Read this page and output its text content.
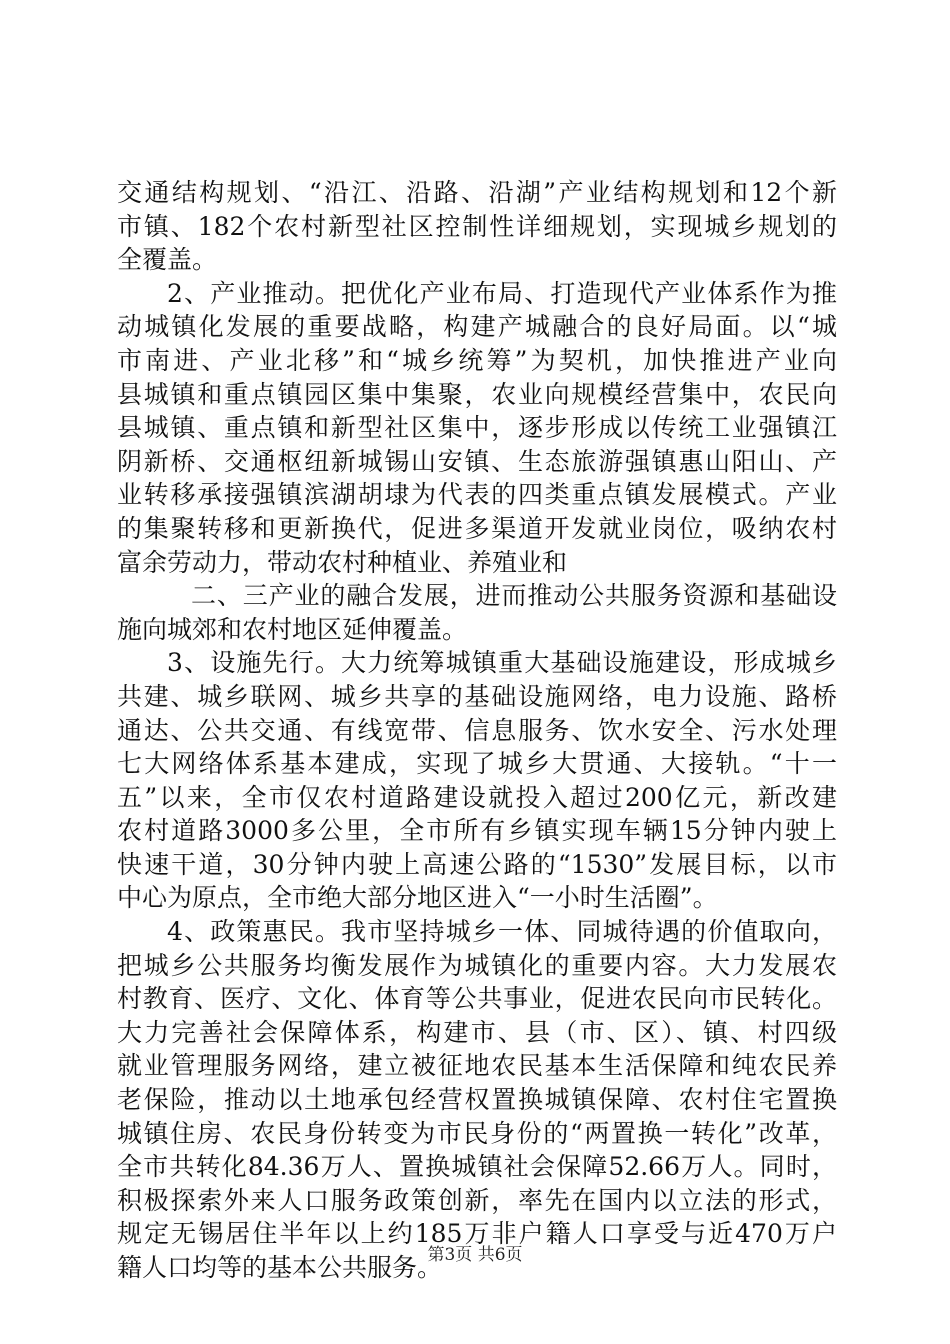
交通结构规划、“沿江、沿路、沿湖”产业结构规划和12个新
市镇、182个农村新型社区控制性详细规划，实现城乡规划的
全覆盖。
2、产业推动。把优化产业布局、打造现代产业体系作为推
动城镇化发展的重要战略，构建产城融合的良好局面。以“城
市南进、产业北移”和“城乡统筹”为契机，加快推进产业向
县城镇和重点镇园区集中集聚，农业向规模经营集中，农民向
县城镇、重点镇和新型社区集中，逐步形成以传统工业强镇江
阴新桥、交通枢纽新城锡山安镇、生态旅游强镇惠山阳山、产
业转移承接强镇滨湖胡埭为代表的四类重点镇发展模式。产业
的集聚转移和更新换代，促进多渠道开发就业岗位，吸纳农村
富余劳动力，带动农村种植业、养殖业和
二、三产业的融合发展，进而推动公共服务资源和基础设
施向城郊和农村地区延伸覆盖。
3、设施先行。大力统筹城镇重大基础设施建设，形成城乡
共建、城乡联网、城乡共享的基础设施网络，电力设施、路桥
通达、公共交通、有线宽带、信息服务、饮水安全、污水处理
七大网络体系基本建成，实现了城乡大贯通、大接轨。“十一
五”以来，全市仅农村道路建设就投入超过200亿元，新改建
农村道路3000多公里，全市所有乡镇实现车辆15分钟内驶上
快速干道，30分钟内驶上高速公路的“1530”发展目标，以市
中心为原点，全市绝大部分地区进入“一小时生活圈”。
4、政策惠民。我市坚持城乡一体、同城待遇的价值取向，
把城乡公共服务均衡发展作为城镇化的重要内容。大力发展农
村教育、医疗、文化、体育等公共事业，促进农民向市民转化。
大力完善社会保障体系，构建市、县（市、区）、镇、村四级
就业管理服务网络，建立被征地农民基本生活保障和纯农民养
老保险，推动以土地承包经营权置换城镇保障、农村住宅置换
城镇住房、农民身份转变为市民身份的“两置换一转化”改革，
全市共转化84.36万人、置换城镇社会保障52.66万人。同时，
积极探索外来人口服务政策创新，率先在国内以立法的形式，
规定无锡居住半年以上约185万非户籍人口享受与近470万户
籍人口均等的基本公共服务。
第3页 共6页
